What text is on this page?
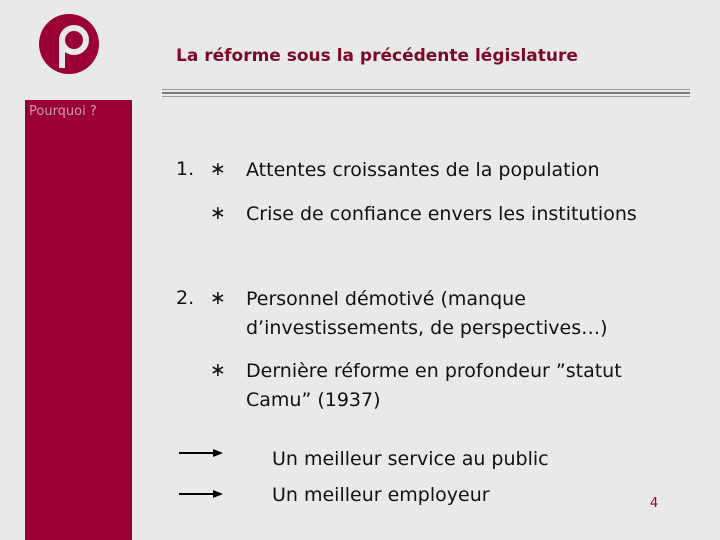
La réforme sous la précédente législature
Pourquoi ?
1. ∗ Attentes croissantes de la population
∗ Crise de confiance envers les institutions
2. ∗ Personnel démotivé (manque
d’investissements, de perspectives…)
∗ Dernière réforme en profondeur ”statut
Camu” (1937)
Un meilleur service au public
Un meilleur employeur	4
